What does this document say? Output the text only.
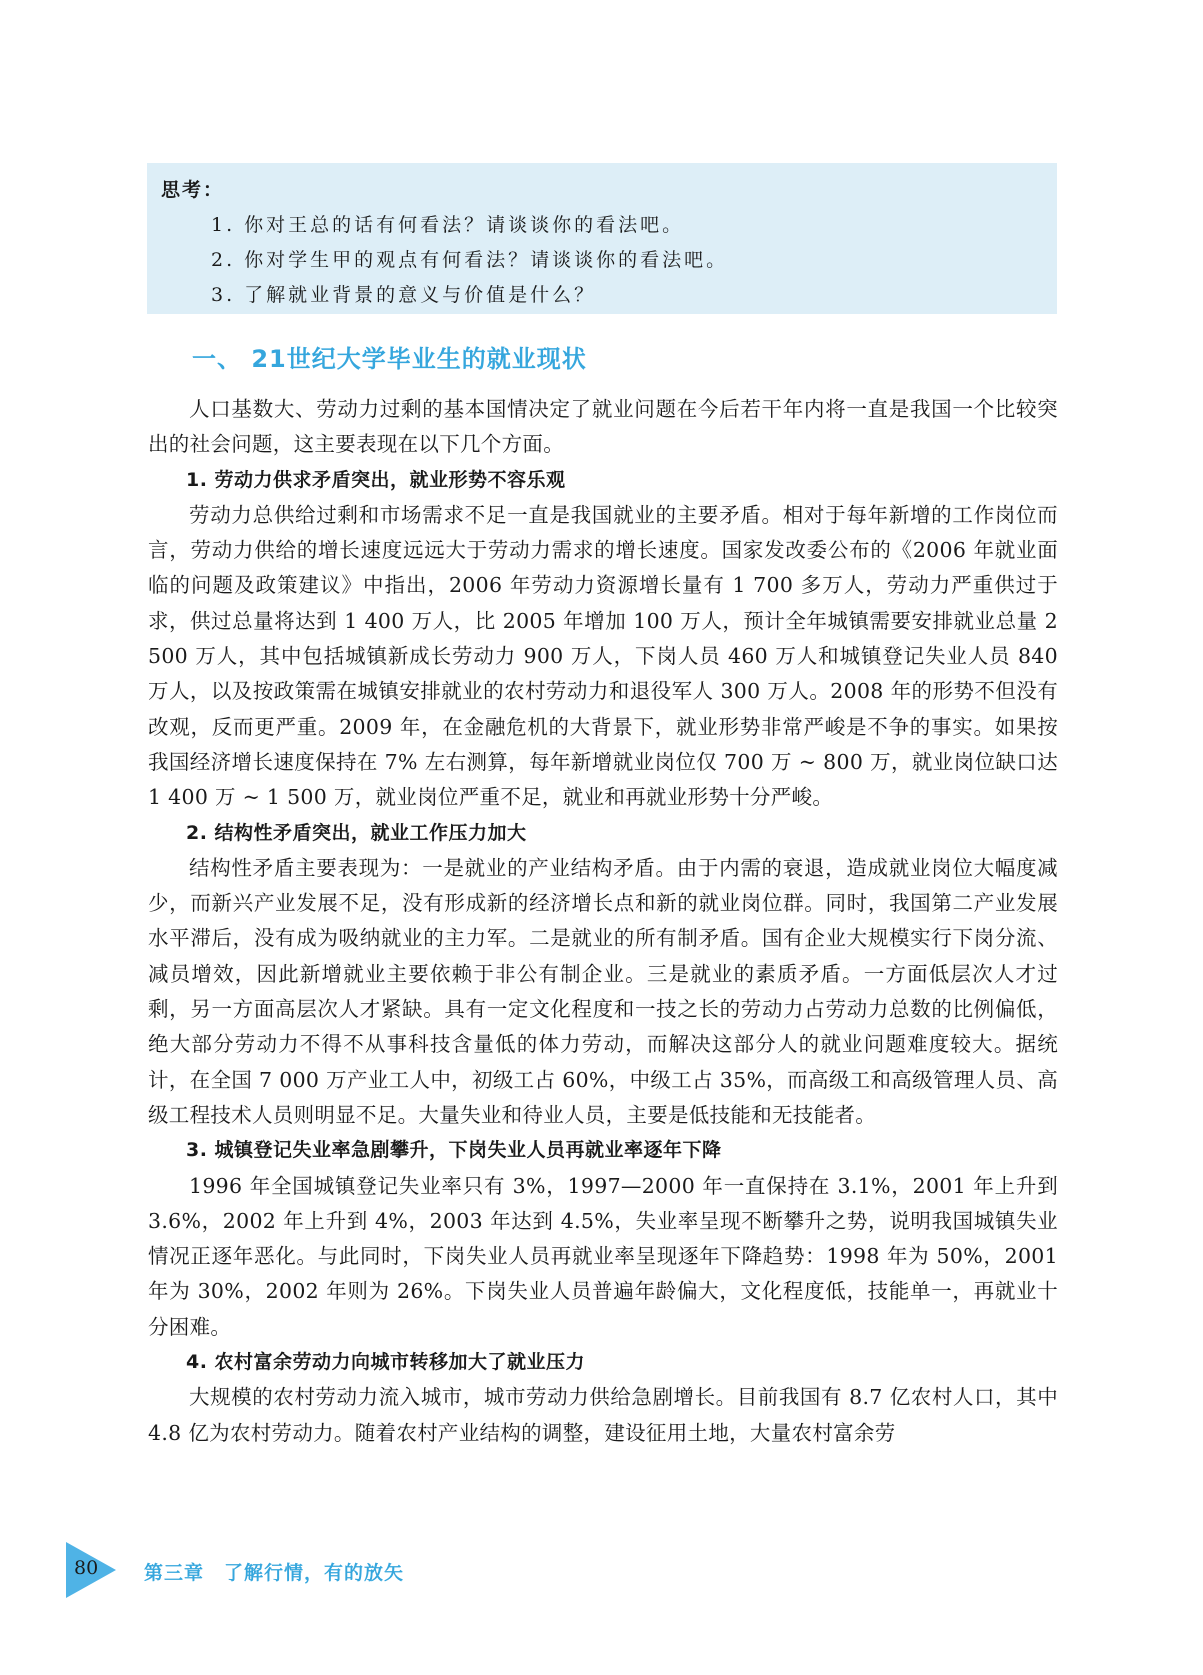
思考：
1. 你对王总的话有何看法？请谈谈你的看法吧。
2. 你对学生甲的观点有何看法？请谈谈你的看法吧。
3. 了解就业背景的意义与价值是什么？
一、 21世纪大学毕业生的就业现状

人口基数大、劳动力过剩的基本国情决定了就业问题在今后若干年内将一直是我国一个比较突出的社会问题，这主要表现在以下几个方面。

1. 劳动力供求矛盾突出，就业形势不容乐观

劳动力总供给过剩和市场需求不足一直是我国就业的主要矛盾。相对于每年新增的工作岗位而言，劳动力供给的增长速度远远大于劳动力需求的增长速度。国家发改委公布的《2006 年就业面临的问题及政策建议》中指出，2006 年劳动力资源增长量有 1 700 多万人，劳动力严重供过于求，供过总量将达到 1 400 万人，比 2005 年增加 100 万人，预计全年城镇需要安排就业总量 2 500 万人，其中包括城镇新成长劳动力 900 万人，下岗人员 460 万人和城镇登记失业人员 840 万人，以及按政策需在城镇安排就业的农村劳动力和退役军人 300 万人。2008 年的形势不但没有改观，反而更严重。2009 年，在金融危机的大背景下，就业形势非常严峻是不争的事实。如果按我国经济增长速度保持在 7% 左右测算，每年新增就业岗位仅 700 万 ~ 800 万，就业岗位缺口达 1 400 万 ~ 1 500 万，就业岗位严重不足，就业和再就业形势十分严峻。

2. 结构性矛盾突出，就业工作压力加大

结构性矛盾主要表现为：一是就业的产业结构矛盾。由于内需的衰退，造成就业岗位大幅度减少，而新兴产业发展不足，没有形成新的经济增长点和新的就业岗位群。同时，我国第二产业发展水平滞后，没有成为吸纳就业的主力军。二是就业的所有制矛盾。国有企业大规模实行下岗分流、减员增效，因此新增就业主要依赖于非公有制企业。三是就业的素质矛盾。一方面低层次人才过剩，另一方面高层次人才紧缺。具有一定文化程度和一技之长的劳动力占劳动力总数的比例偏低，绝大部分劳动力不得不从事科技含量低的体力劳动，而解决这部分人的就业问题难度较大。据统计，在全国 7 000 万产业工人中，初级工占 60%，中级工占 35%，而高级工和高级管理人员、高级工程技术人员则明显不足。大量失业和待业人员，主要是低技能和无技能者。

3. 城镇登记失业率急剧攀升，下岗失业人员再就业率逐年下降

1996 年全国城镇登记失业率只有 3%，1997—2000 年一直保持在 3.1%，2001 年上升到 3.6%，2002 年上升到 4%，2003 年达到 4.5%，失业率呈现不断攀升之势，说明我国城镇失业情况正逐年恶化。与此同时，下岗失业人员再就业率呈现逐年下降趋势：1998 年为 50%，2001 年为 30%，2002 年则为 26%。下岗失业人员普遍年龄偏大，文化程度低，技能单一，再就业十分困难。

4. 农村富余劳动力向城市转移加大了就业压力

大规模的农村劳动力流入城市，城市劳动力供给急剧增长。目前我国有 8.7 亿农村人口，其中 4.8 亿为农村劳动力。随着农村产业结构的调整，建设征用土地，大量农村富余劳

80 第三章　了解行情，有的放矢
